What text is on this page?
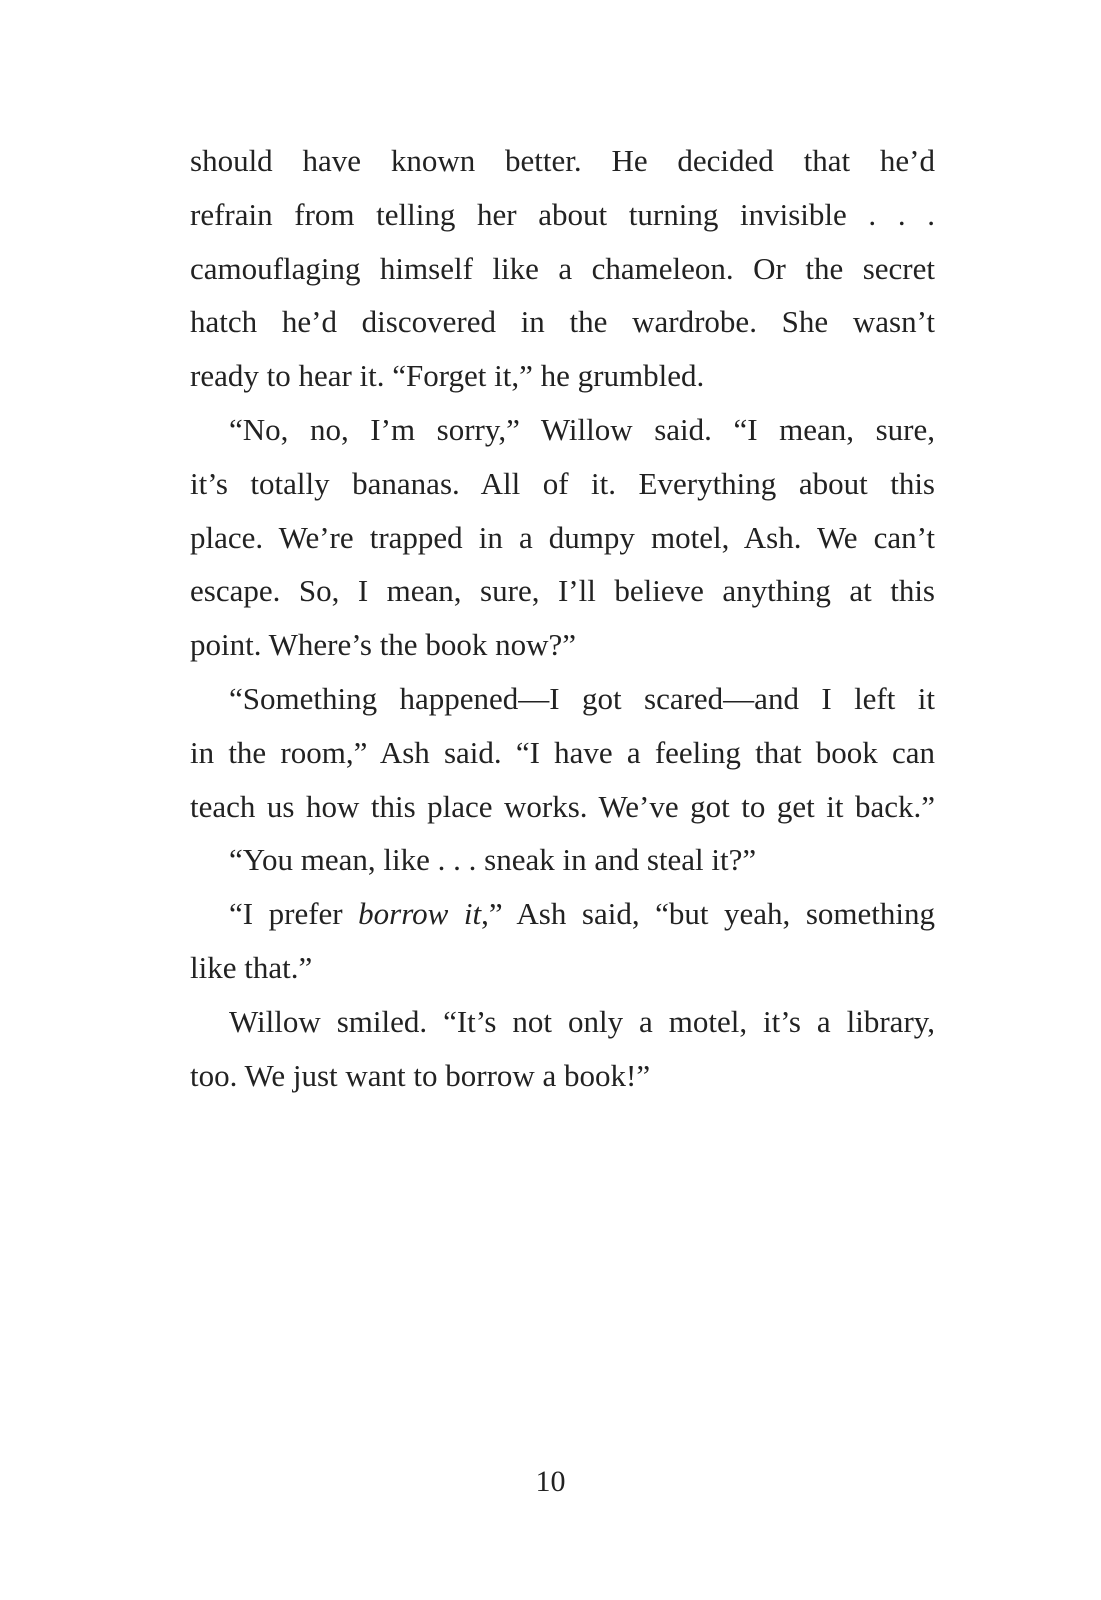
should have known better. He decided that he’d
refrain from telling her about turning invisible . . .
camouflaging himself like a chameleon. Or the secret
hatch he’d discovered in the wardrobe. She wasn’t
ready to hear it. “Forget it,” he grumbled.
“No, no, I’m sorry,” Willow said. “I mean, sure,
it’s totally bananas. All of it. Everything about this
place. We’re trapped in a dumpy motel, Ash. We can’t
escape. So, I mean, sure, I’ll believe anything at this
point. Where’s the book now?”
“Something happened—I got scared—and I left it
in the room,” Ash said. “I have a feeling that book can
teach us how this place works. We’ve got to get it back.”
“You mean, like . . . sneak in and steal it?”
“I prefer borrow it,” Ash said, “but yeah, something
like that.”
Willow smiled. “It’s not only a motel, it’s a library,
too. We just want to borrow a book!”
10
